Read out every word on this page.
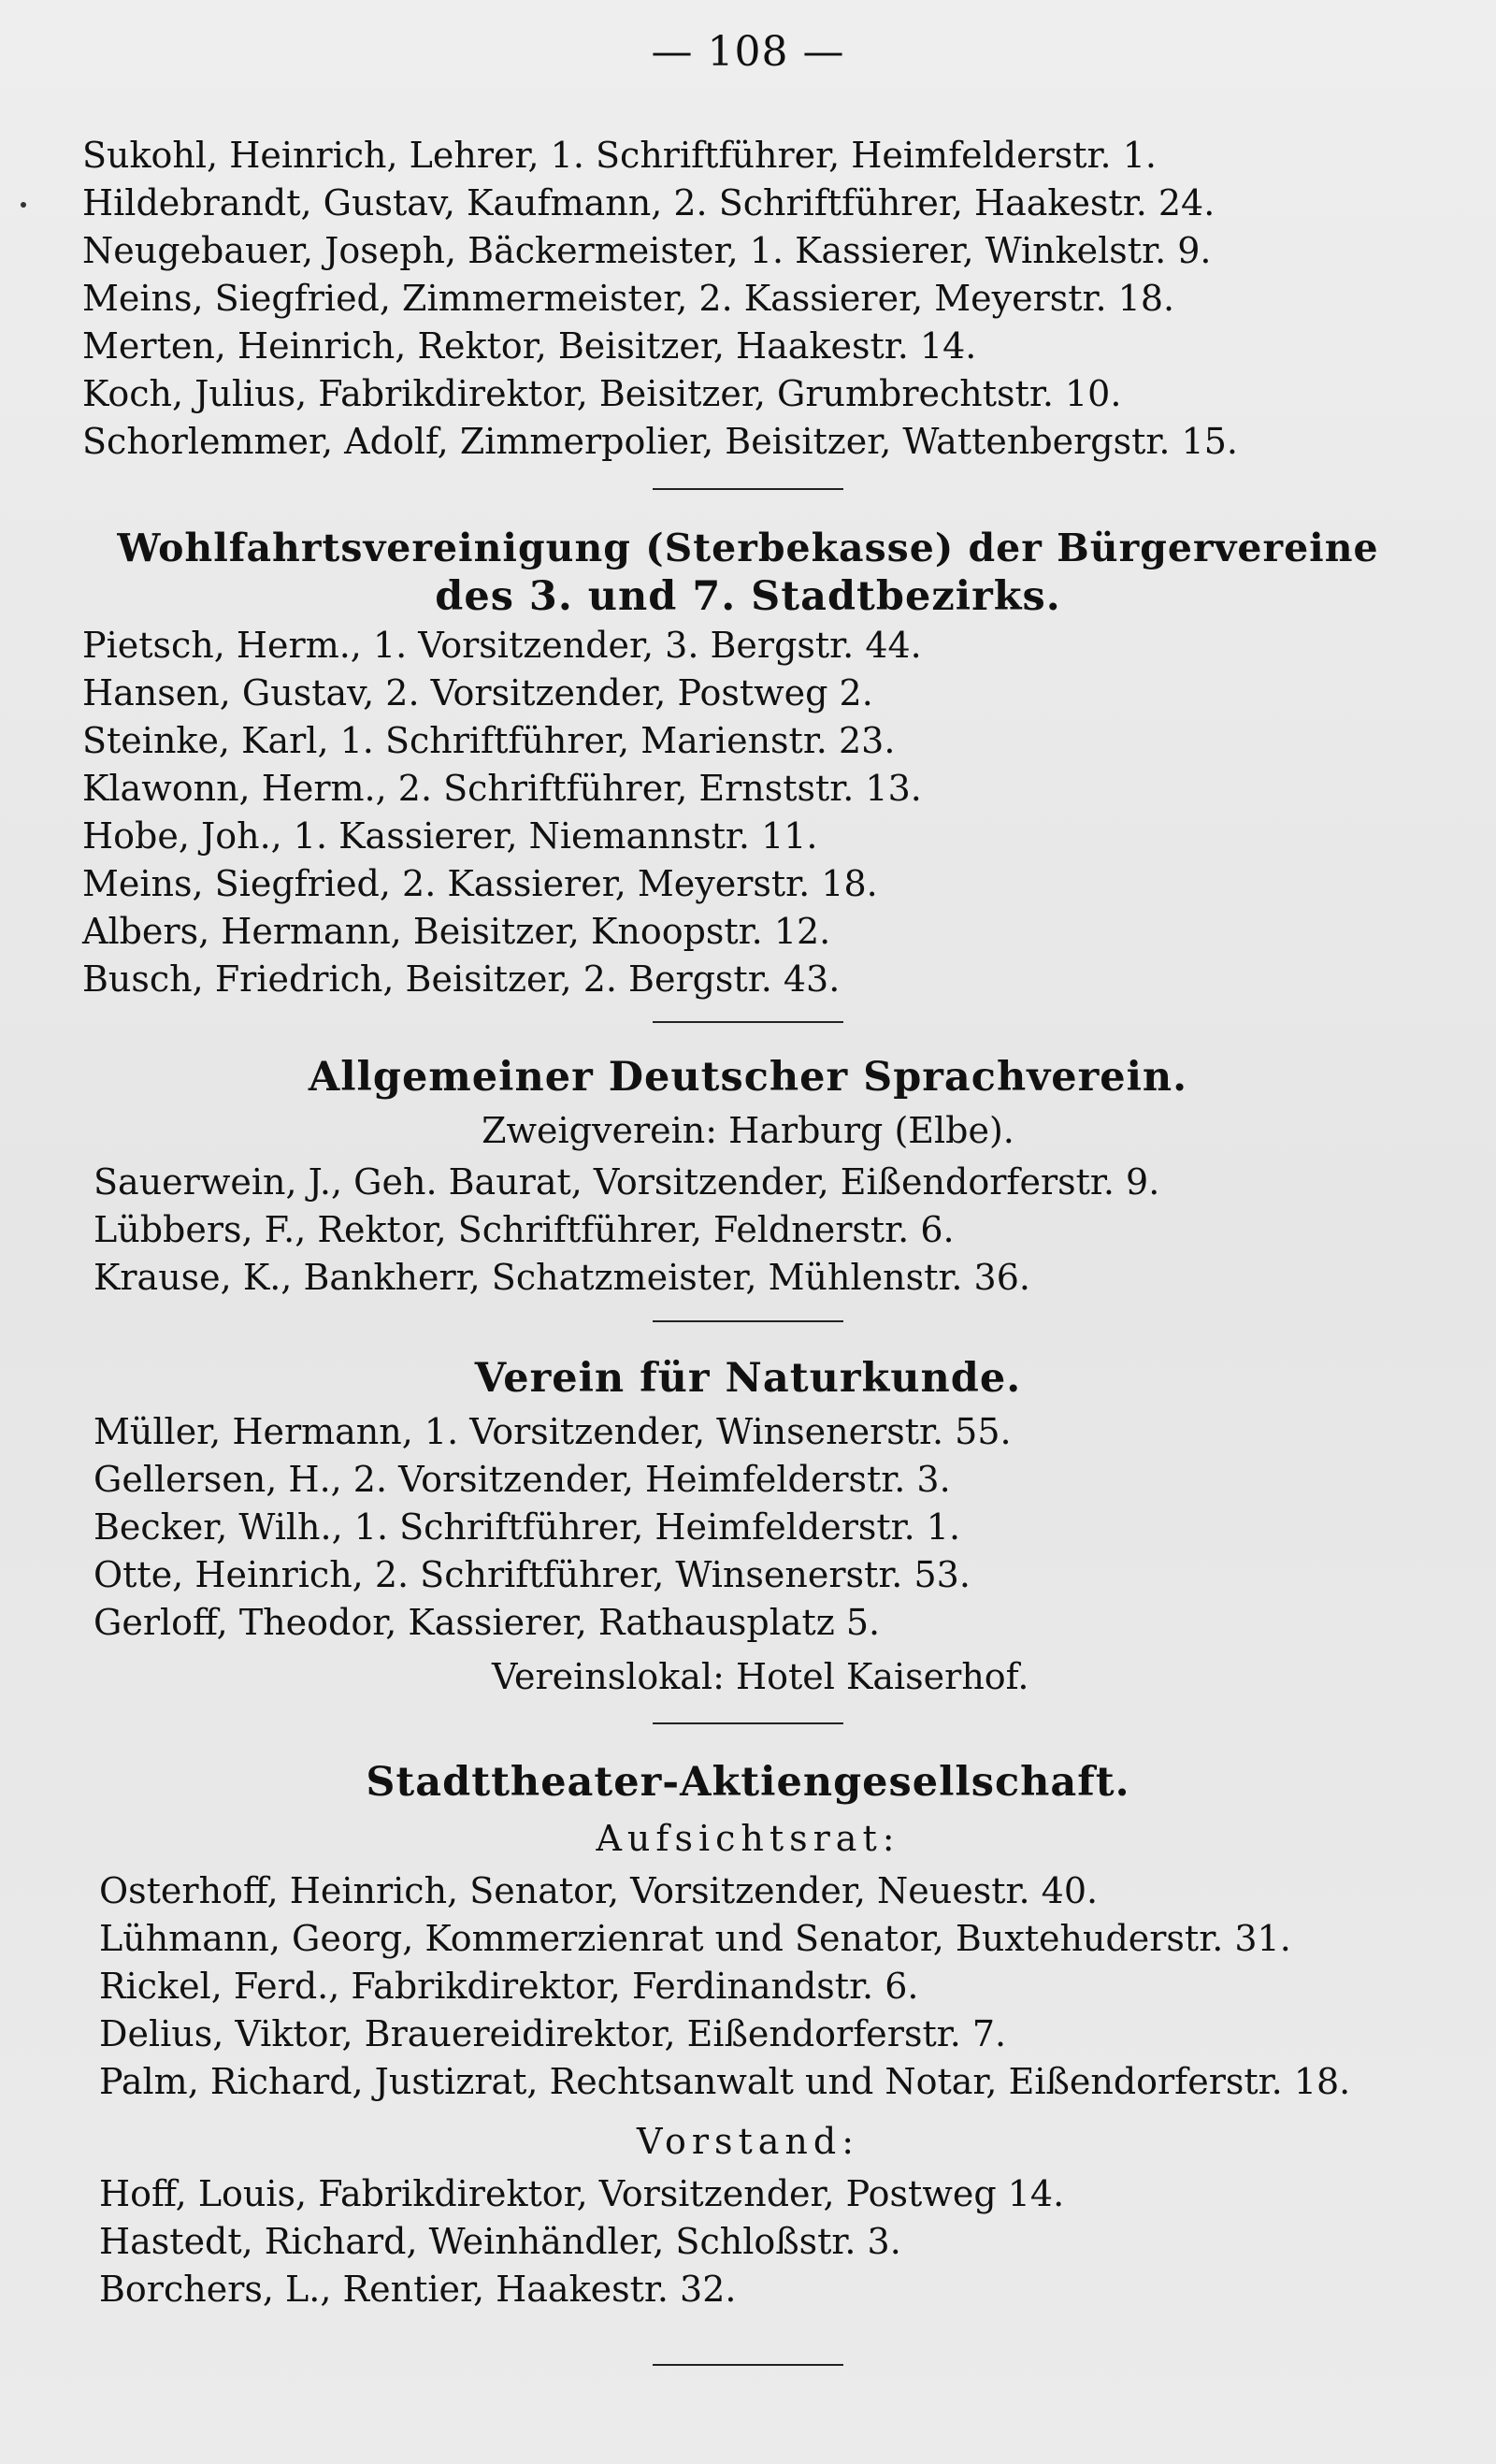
— 108 —
Sukohl, Heinrich, Lehrer, 1. Schriftführer, Heimfelderstr. 1.
Hildebrandt, Gustav, Kaufmann, 2. Schriftführer, Haakestr. 24.
Neugebauer, Joseph, Bäckermeister, 1. Kassierer, Winkelstr. 9.
Meins, Siegfried, Zimmermeister, 2. Kassierer, Meyerstr. 18.
Merten, Heinrich, Rektor, Beisitzer, Haakestr. 14.
Koch, Julius, Fabrikdirektor, Beisitzer, Grumbrechtstr. 10.
Schorlemmer, Adolf, Zimmerpolier, Beisitzer, Wattenbergstr. 15.
Wohlfahrtsvereinigung (Sterbekasse) der Bürgervereine
des 3. und 7. Stadtbezirks.
Pietsch, Herm., 1. Vorsitzender, 3. Bergstr. 44.
Hansen, Gustav, 2. Vorsitzender, Postweg 2.
Steinke, Karl, 1. Schriftführer, Marienstr. 23.
Klawonn, Herm., 2. Schriftführer, Ernststr. 13.
Hobe, Joh., 1. Kassierer, Niemannstr. 11.
Meins, Siegfried, 2. Kassierer, Meyerstr. 18.
Albers, Hermann, Beisitzer, Knoopstr. 12.
Busch, Friedrich, Beisitzer, 2. Bergstr. 43.
Allgemeiner Deutscher Sprachverein.
Zweigverein: Harburg (Elbe).
Sauerwein, J., Geh. Baurat, Vorsitzender, Eißendorferstr. 9.
Lübbers, F., Rektor, Schriftführer, Feldnerstr. 6.
Krause, K., Bankherr, Schatzmeister, Mühlenstr. 36.
Verein für Naturkunde.
Müller, Hermann, 1. Vorsitzender, Winsenerstr. 55.
Gellersen, H., 2. Vorsitzender, Heimfelderstr. 3.
Becker, Wilh., 1. Schriftführer, Heimfelderstr. 1.
Otte, Heinrich, 2. Schriftführer, Winsenerstr. 53.
Gerloff, Theodor, Kassierer, Rathausplatz 5.
Vereinslokal: Hotel Kaiserhof.
Stadttheater-Aktiengesellschaft.
Aufsichtsrat:
Osterhoff, Heinrich, Senator, Vorsitzender, Neuestr. 40.
Lühmann, Georg, Kommerzienrat und Senator, Buxtehuderstr. 31.
Rickel, Ferd., Fabrikdirektor, Ferdinandstr. 6.
Delius, Viktor, Brauereidirektor, Eißendorferstr. 7.
Palm, Richard, Justizrat, Rechtsanwalt und Notar, Eißendorferstr. 18.
Vorstand:
Hoff, Louis, Fabrikdirektor, Vorsitzender, Postweg 14.
Hastedt, Richard, Weinhändler, Schloßstr. 3.
Borchers, L., Rentier, Haakestr. 32.
